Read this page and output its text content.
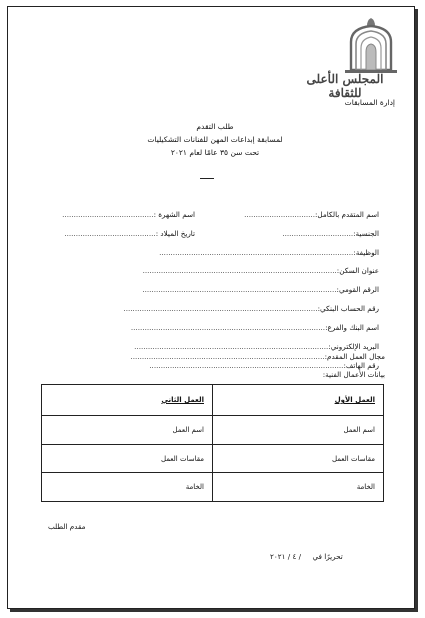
المجلس الأعلى للثقافة
إدارة المسابقات
طلب التقدم
لمسابقة إبداعات المهن للفنانات التشكيليات
تحت سن ٣٥ عامًا لعام ٢٠٢١
اسم المتقدم بالكامل:...............................
اسم الشهرة :........................................
الجنسية:...............................
تاريخ الميلاد :........................................
الوظيفة:.....................................................................................
عنوان السكن:.....................................................................................
الرقم القومي:.....................................................................................
رقم الحساب البنكي:.....................................................................................
اسم البنك والفرع:.....................................................................................
البريد الإلكتروني:.....................................................................................
رقم الهاتف:.....................................................................................
مجال العمل المقدم:.....................................................................................
بيانات الأعمال الفنية:
العمل الأول	العمل الثاني
اسم العمل	اسم العمل
مقاسات العمل	مقاسات العمل
الخامة	الخامة
مقدم الطلب
تحريرًا في     / ٤ / ٢٠٢١
